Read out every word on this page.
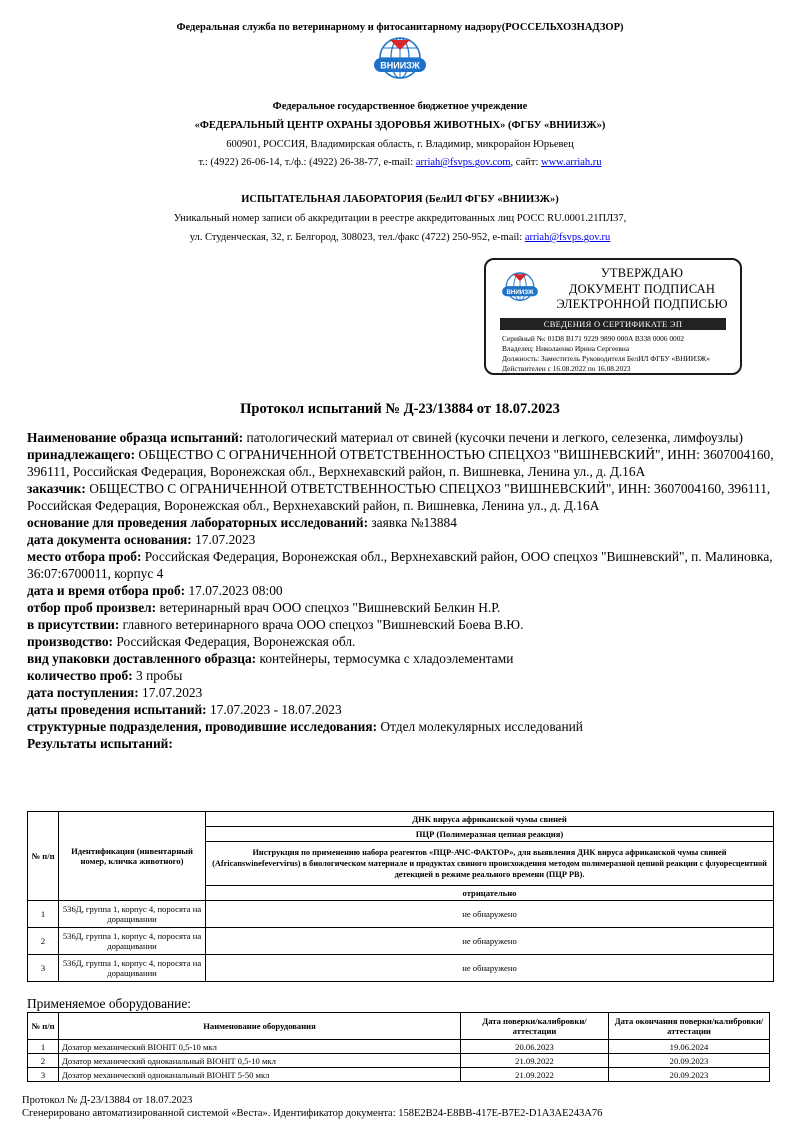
Федеральная служба по ветеринарному и фитосанитарному надзору(РОССЕЛЬХОЗНАДЗОР)
ВНИИЗЖ
Федеральное государственное бюджетное учреждение
«ФЕДЕРАЛЬНЫЙ ЦЕНТР ОХРАНЫ ЗДОРОВЬЯ ЖИВОТНЫХ» (ФГБУ «ВНИИЗЖ»)
600901, РОССИЯ, Владимирская область, г. Владимир, микрорайон Юрьевец
т.: (4922) 26-06-14, т./ф.: (4922) 26-38-77, e-mail: arriah@fsvps.gov.com, сайт: www.arriah.ru
ИСПЫТАТЕЛЬНАЯ ЛАБОРАТОРИЯ (БелИЛ ФГБУ «ВНИИЗЖ»)
Уникальный номер записи об аккредитации в реестре аккредитованных лиц РОСС RU.0001.21ПЛ37,
ул. Студенческая, 32, г. Белгород, 308023, тел./факс (4722) 250-952, e-mail: arriah@fsvps.gov.ru
ВНИИЗЖ
УТВЕРЖДАЮ
ДОКУМЕНТ ПОДПИСАН
ЭЛЕКТРОННОЙ ПОДПИСЬЮ
СВЕДЕНИЯ О СЕРТИФИКАТЕ ЭП
Серийный №: 01D8 B171 9229 9890 000A B338 0006 0002
Владелец: Николаенко Ирина Сергеевна
Должность: Заместитель Руководителя БелИЛ ФГБУ «ВНИИЗЖ»
Действителен с 16.08.2022 по 16.08.2023
Протокол испытаний № Д-23/13884 от 18.07.2023

Наименование образца испытаний: патологический материал от свиней (кусочки печени и легкого, селезенка, лимфоузлы)

принадлежащего: ОБЩЕСТВО С ОГРАНИЧЕННОЙ ОТВЕТСТВЕННОСТЬЮ СПЕЦХОЗ "ВИШНЕВСКИЙ", ИНН: 3607004160, 396111, Российская Федерация, Воронежская обл., Верхнехавский район, п. Вишневка, Ленина ул., д. Д.16А

заказчик: ОБЩЕСТВО С ОГРАНИЧЕННОЙ ОТВЕТСТВЕННОСТЬЮ СПЕЦХОЗ "ВИШНЕВСКИЙ", ИНН: 3607004160, 396111, Российская Федерация, Воронежская обл., Верхнехавский район, п. Вишневка, Ленина ул., д. Д.16А

основание для проведения лабораторных исследований: заявка №13884

дата документа основания: 17.07.2023

место отбора проб: Российская Федерация, Воронежская обл., Верхнехавский район, ООО спецхоз "Вишневский", п. Малиновка, 36:07:6700011, корпус 4

дата и время отбора проб: 17.07.2023 08:00

отбор проб произвел: ветеринарный врач ООО спецхоз "Вишневский Белкин Н.Р.

в присутствии: главного ветеринарного врача ООО спецхоз "Вишневский Боева В.Ю.

производство: Российская Федерация, Воронежская обл.

вид упаковки доставленного образца: контейнеры, термосумка с хладоэлементами

количество проб: 3 пробы

дата поступления: 17.07.2023

даты проведения испытаний: 17.07.2023 - 18.07.2023

структурные подразделения, проводившие исследования: Отдел молекулярных исследований

Результаты испытаний:

№ п/п	Идентификация (инвентарный номер, кличка животного)	ДНК вируса африканской чумы свиней
		ПЦР (Полимеразная цепная реакция)
		Инструкция по применению набора реагентов «ПЦР-АЧС-ФАКТОР», для выявления ДНК вируса африканской чумы свиней (Africanswinefevervirus) в биологическом материале и продуктах свиного происхождения методом полимеразной цепной реакции с флуоресцентной детекцией в режиме реального времени (ПЦР РВ).
		отрицательно
1	536Д, группа 1, корпус 4, поросята на доращивании	не обнаружено
2	536Д, группа 1, корпус 4, поросята на доращивании	не обнаружено
3	536Д, группа 1, корпус 4, поросята на доращивании	не обнаружено
Применяемое оборудование:
№ п/п	Наименование оборудования	Дата поверки/калибровки/аттестации	Дата окончания поверки/калибровки/аттестации
1	Дозатор механический BIOHIT 0,5-10 мкл	20.06.2023	19.06.2024
2	Дозатор механический одноканальный BIOHIT 0,5-10 мкл	21.09.2022	20.09.2023
3	Дозатор механический одноканальный BIOHIT 5-50 мкл	21.09.2022	20.09.2023
Протокол № Д-23/13884 от 18.07.2023
Сгенерировано автоматизированной системой «Веста». Идентификатор документа: 158E2B24-E8BB-417E-B7E2-D1A3AE243A76
